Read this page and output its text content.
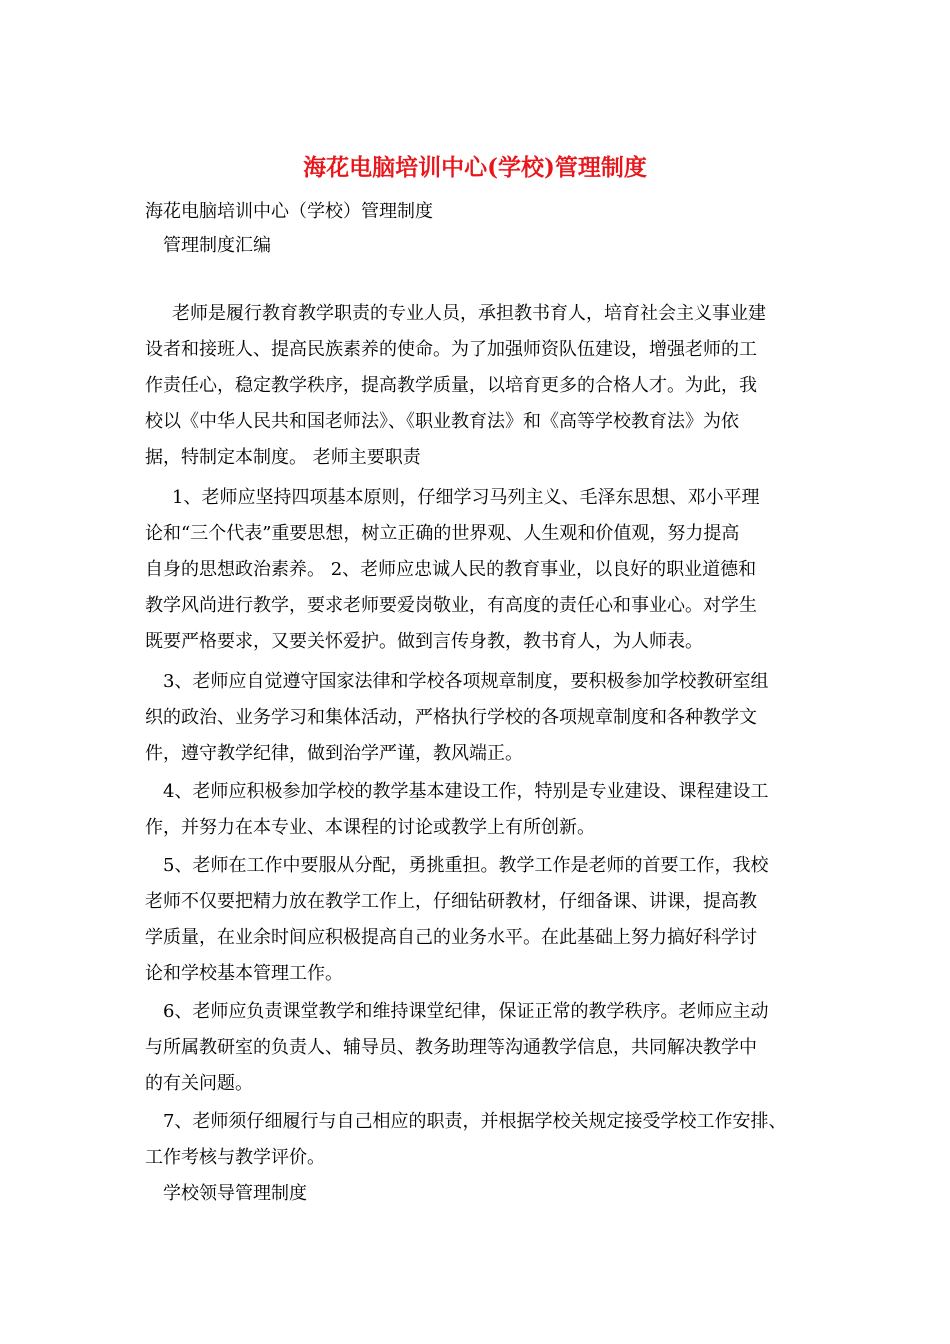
海花电脑培训中心(学校)管理制度
海花电脑培训中心（学校）管理制度
管理制度汇编
老师是履行教育教学职责的专业人员，承担教书育人，培育社会主义事业建
设者和接班人、提高民族素养的使命。为了加强师资队伍建设，增强老师的工
作责任心，稳定教学秩序，提高教学质量，以培育更多的合格人才。为此，我
校以《中华人民共和国老师法》、《职业教育法》和《高等学校教育法》为依
据，特制定本制度。 老师主要职责
1、老师应坚持四项基本原则，仔细学习马列主义、毛泽东思想、邓小平理
论和“三个代表”重要思想，树立正确的世界观、人生观和价值观，努力提高
自身的思想政治素养。 2、老师应忠诚人民的教育事业，以良好的职业道德和
教学风尚进行教学，要求老师要爱岗敬业，有高度的责任心和事业心。对学生
既要严格要求，又要关怀爱护。做到言传身教，教书育人，为人师表。
3、老师应自觉遵守国家法律和学校各项规章制度，要积极参加学校教研室组
织的政治、业务学习和集体活动，严格执行学校的各项规章制度和各种教学文
件，遵守教学纪律，做到治学严谨，教风端正。
4、老师应积极参加学校的教学基本建设工作，特别是专业建设、课程建设工
作，并努力在本专业、本课程的讨论或教学上有所创新。
5、老师在工作中要服从分配，勇挑重担。教学工作是老师的首要工作，我校
老师不仅要把精力放在教学工作上，仔细钻研教材，仔细备课、讲课，提高教
学质量，在业余时间应积极提高自己的业务水平。在此基础上努力搞好科学讨
论和学校基本管理工作。
6、老师应负责课堂教学和维持课堂纪律，保证正常的教学秩序。老师应主动
与所属教研室的负责人、辅导员、教务助理等沟通教学信息，共同解决教学中
的有关问题。
7、老师须仔细履行与自己相应的职责，并根据学校关规定接受学校工作安排、
工作考核与教学评价。
学校领导管理制度
